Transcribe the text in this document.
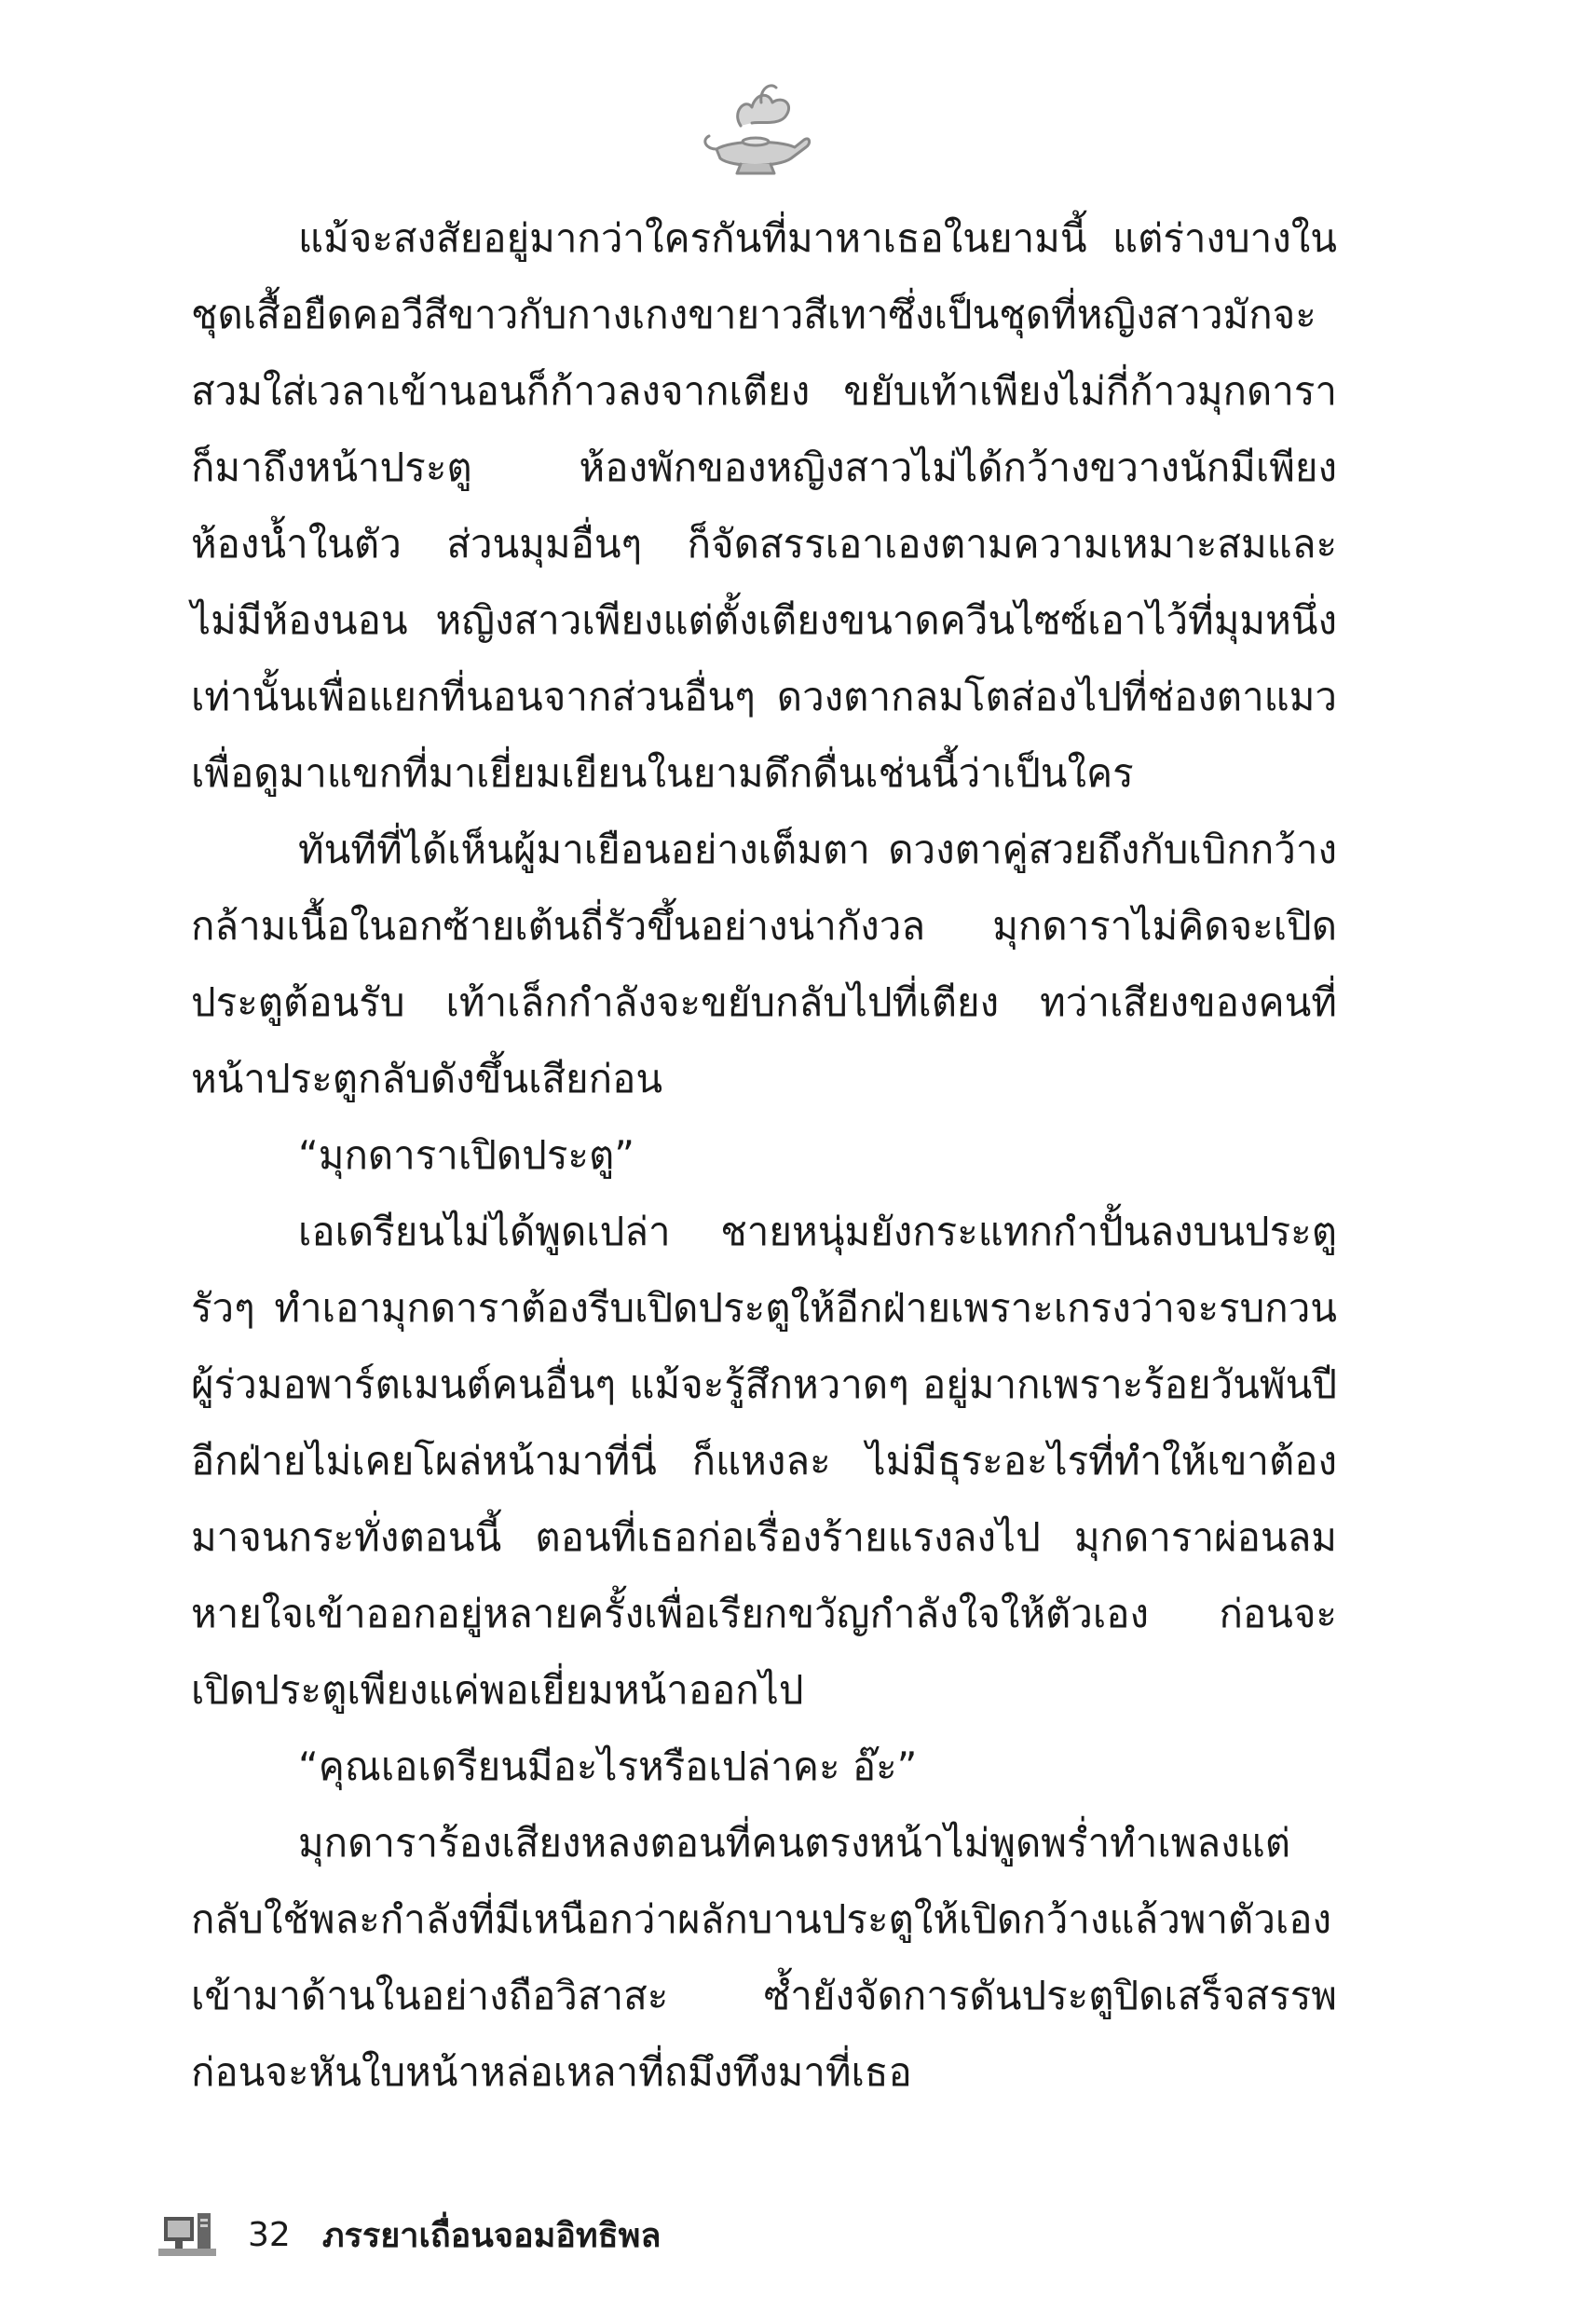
แม้จะสงสัยอยู่มากว่าใครกันที่มาหาเธอในยามนี้ แต่ร่างบางในชุดเสื้อยืดคอวีสีขาวกับกางเกงขายาวสีเทาซึ่งเป็นชุดที่หญิงสาวมักจะสวมใส่เวลาเข้านอนก็ก้าวลงจากเตียง ขยับเท้าเพียงไม่กี่ก้าวมุกดาราก็มาถึงหน้าประตู ห้องพักของหญิงสาวไม่ได้กว้างขวางนักมีเพียงห้องน้ำในตัว ส่วนมุมอื่นๆ ก็จัดสรรเอาเองตามความเหมาะสมและไม่มีห้องนอน หญิงสาวเพียงแต่ตั้งเตียงขนาดควีนไซซ์เอาไว้ที่มุมหนึ่งเท่านั้นเพื่อแยกที่นอนจากส่วนอื่นๆ ดวงตากลมโตส่องไปที่ช่องตาแมวเพื่อดูมาแขกที่มาเยี่ยมเยียนในยามดึกดื่นเช่นนี้ว่าเป็นใคร

ทันทีที่ได้เห็นผู้มาเยือนอย่างเต็มตา ดวงตาคู่สวยถึงกับเบิกกว้าง กล้ามเนื้อในอกซ้ายเต้นถี่รัวขึ้นอย่างน่ากังวล มุกดาราไม่คิดจะเปิดประตูต้อนรับ เท้าเล็กกำลังจะขยับกลับไปที่เตียง ทว่าเสียงของคนที่หน้าประตูกลับดังขึ้นเสียก่อน

“มุกดาราเปิดประตู”

เอเดรียนไม่ได้พูดเปล่า ชายหนุ่มยังกระแทกกำปั้นลงบนประตูรัวๆ ทำเอามุกดาราต้องรีบเปิดประตูให้อีกฝ่ายเพราะเกรงว่าจะรบกวนผู้ร่วมอพาร์ตเมนต์คนอื่นๆ แม้จะรู้สึกหวาดๆ อยู่มากเพราะร้อยวันพันปีอีกฝ่ายไม่เคยโผล่หน้ามาที่นี่ ก็แหงละ ไม่มีธุระอะไรที่ทำให้เขาต้องมาจนกระทั่งตอนนี้ ตอนที่เธอก่อเรื่องร้ายแรงลงไป มุกดาราผ่อนลมหายใจเข้าออกอยู่หลายครั้งเพื่อเรียกขวัญกำลังใจให้ตัวเอง ก่อนจะเปิดประตูเพียงแค่พอเยี่ยมหน้าออกไป

“คุณเอเดรียนมีอะไรหรือเปล่าคะ อ๊ะ”

มุกดาราร้องเสียงหลงตอนที่คนตรงหน้าไม่พูดพร่ำทำเพลงแต่กลับใช้พละกำลังที่มีเหนือกว่าผลักบานประตูให้เปิดกว้างแล้วพาตัวเองเข้ามาด้านในอย่างถือวิสาสะ ซ้ำยังจัดการดันประตูปิดเสร็จสรรพ ก่อนจะหันใบหน้าหล่อเหลาที่ถมึงทึงมาที่เธอ

32 ภรรยาเถื่อนจอมอิทธิพล
